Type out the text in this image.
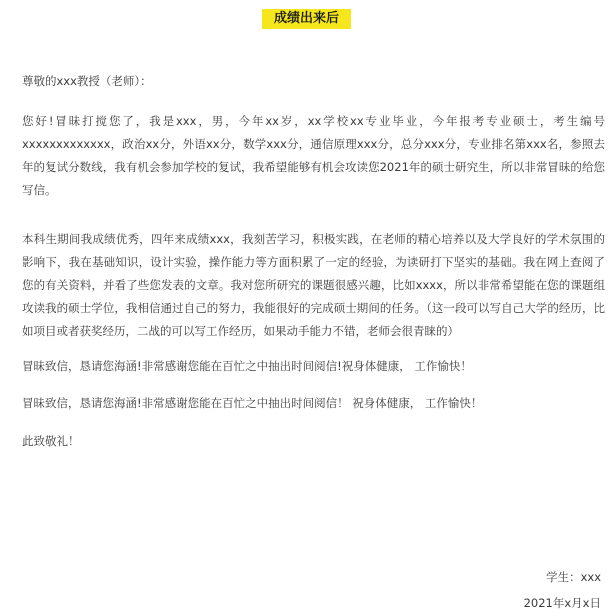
成绩出来后

尊敬的xxx教授（老师）：

您好!冒昧打搅您了，我是xxx，男，今年xx岁，xx学校xx专业毕业，今年报考专业硕士，考生编号xxxxxxxxxxxxx，政治xx分，外语xx分，数学xxx分，通信原理xxx分，总分xxx分，专业排名第xxx名，参照去年的复试分数线，我有机会参加学校的复试，我希望能够有机会攻读您2021年的硕士研究生，所以非常冒昧的给您写信。

本科生期间我成绩优秀，四年来成绩xxx，我刻苦学习，积极实践，在老师的精心培养以及大学良好的学术氛围的影响下，我在基础知识，设计实验，操作能力等方面积累了一定的经验，为读研打下坚实的基础。我在网上查阅了您的有关资料，并看了些您发表的文章。我对您所研究的课题很感兴趣，比如xxxx，所以非常希望能在您的课题组攻读我的硕士学位，我相信通过自己的努力，我能很好的完成硕士期间的任务。（这一段可以写自己大学的经历，比如项目或者获奖经历，二战的可以写工作经历，如果动手能力不错，老师会很青睐的）

冒昧致信，恳请您海涵!非常感谢您能在百忙之中抽出时间阅信!祝身体健康， 工作愉快！

冒昧致信，恳请您海涵!非常感谢您能在百忙之中抽出时间阅信！ 祝身体健康， 工作愉快！

此致敬礼！

学生：xxx
2021年x月x日
